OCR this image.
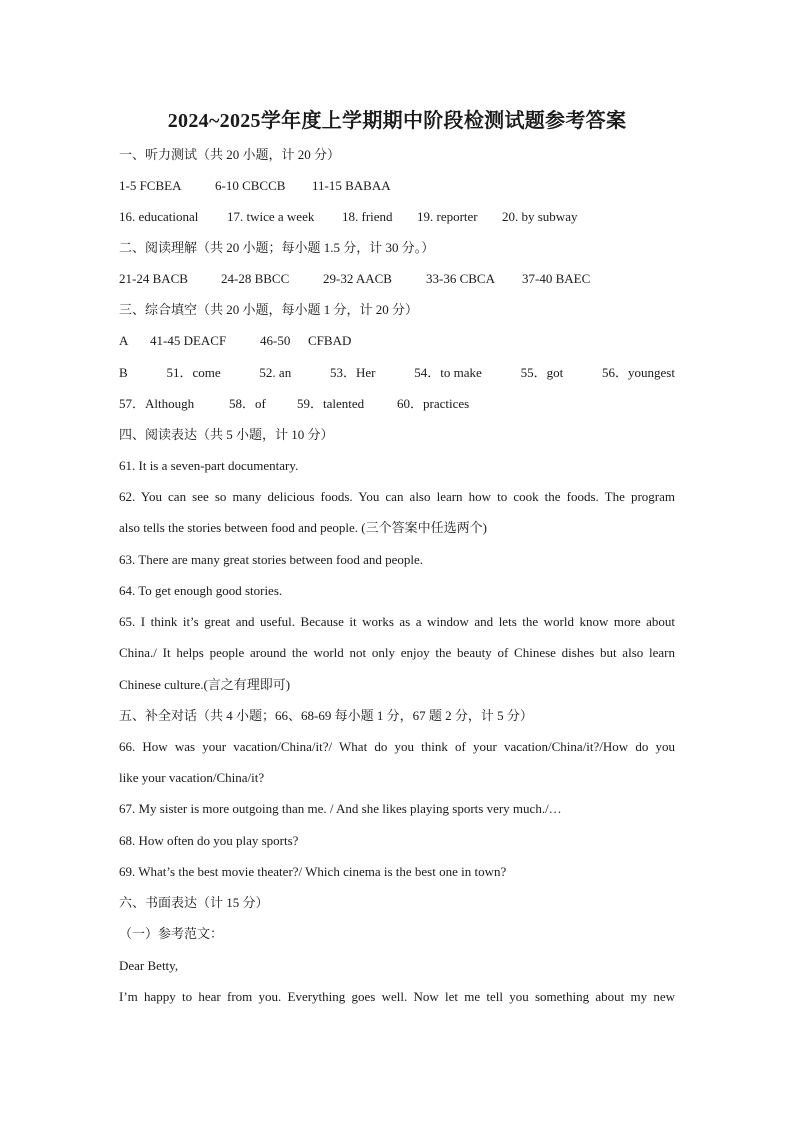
2024~2025学年度上学期期中阶段检测试题参考答案
一、听力测试（共 20 小题，计 20 分）
1-5 FCBEA	6-10 CBCCB 11-15 BABAA
16. educational 17. twice a week 18. friend 19. reporter 20. by subway
二、阅读理解（共 20 小题；每小题 1.5 分，计 30 分。）
21-24 BACB	24-28 BBCC	29-32 AACB	33-36 CBCA 37-40 BAEC
三、综合填空（共 20 小题，每小题 1 分，计 20 分）
A 41-45 DEACF	46-50 CFBAD
B	51．come	52. an	53．Her	54．to make	55．got	56．youngest
57．Although	58．of 59．talented	60．practices
四、阅读表达（共 5 小题，计 10 分）
61. It is a seven-part documentary.
62. You can see so many delicious foods. You can also learn how to cook the foods. The program
also tells the stories between food and people. (三个答案中任选两个)
63. There are many great stories between food and people.
64. To get enough good stories.
65. I think it’s great and useful. Because it works as a window and lets the world know more about
China./ It helps people around the world not only enjoy the beauty of Chinese dishes but also learn
Chinese culture.(言之有理即可)
五、补全对话（共 4 小题；66、68-69 每小题 1 分，67 题 2 分，计 5 分）
66. How was your vacation/China/it?/ What do you think of your vacation/China/it?/How do you
like your vacation/China/it?
67. My sister is more outgoing than me. / And she likes playing sports very much./…
68. How often do you play sports?
69. What’s the best movie theater?/ Which cinema is the best one in town?
六、书面表达（计 15 分）
（一）参考范文：
Dear Betty,
I’m happy to hear from you. Everything goes well. Now let me tell you something about my new
